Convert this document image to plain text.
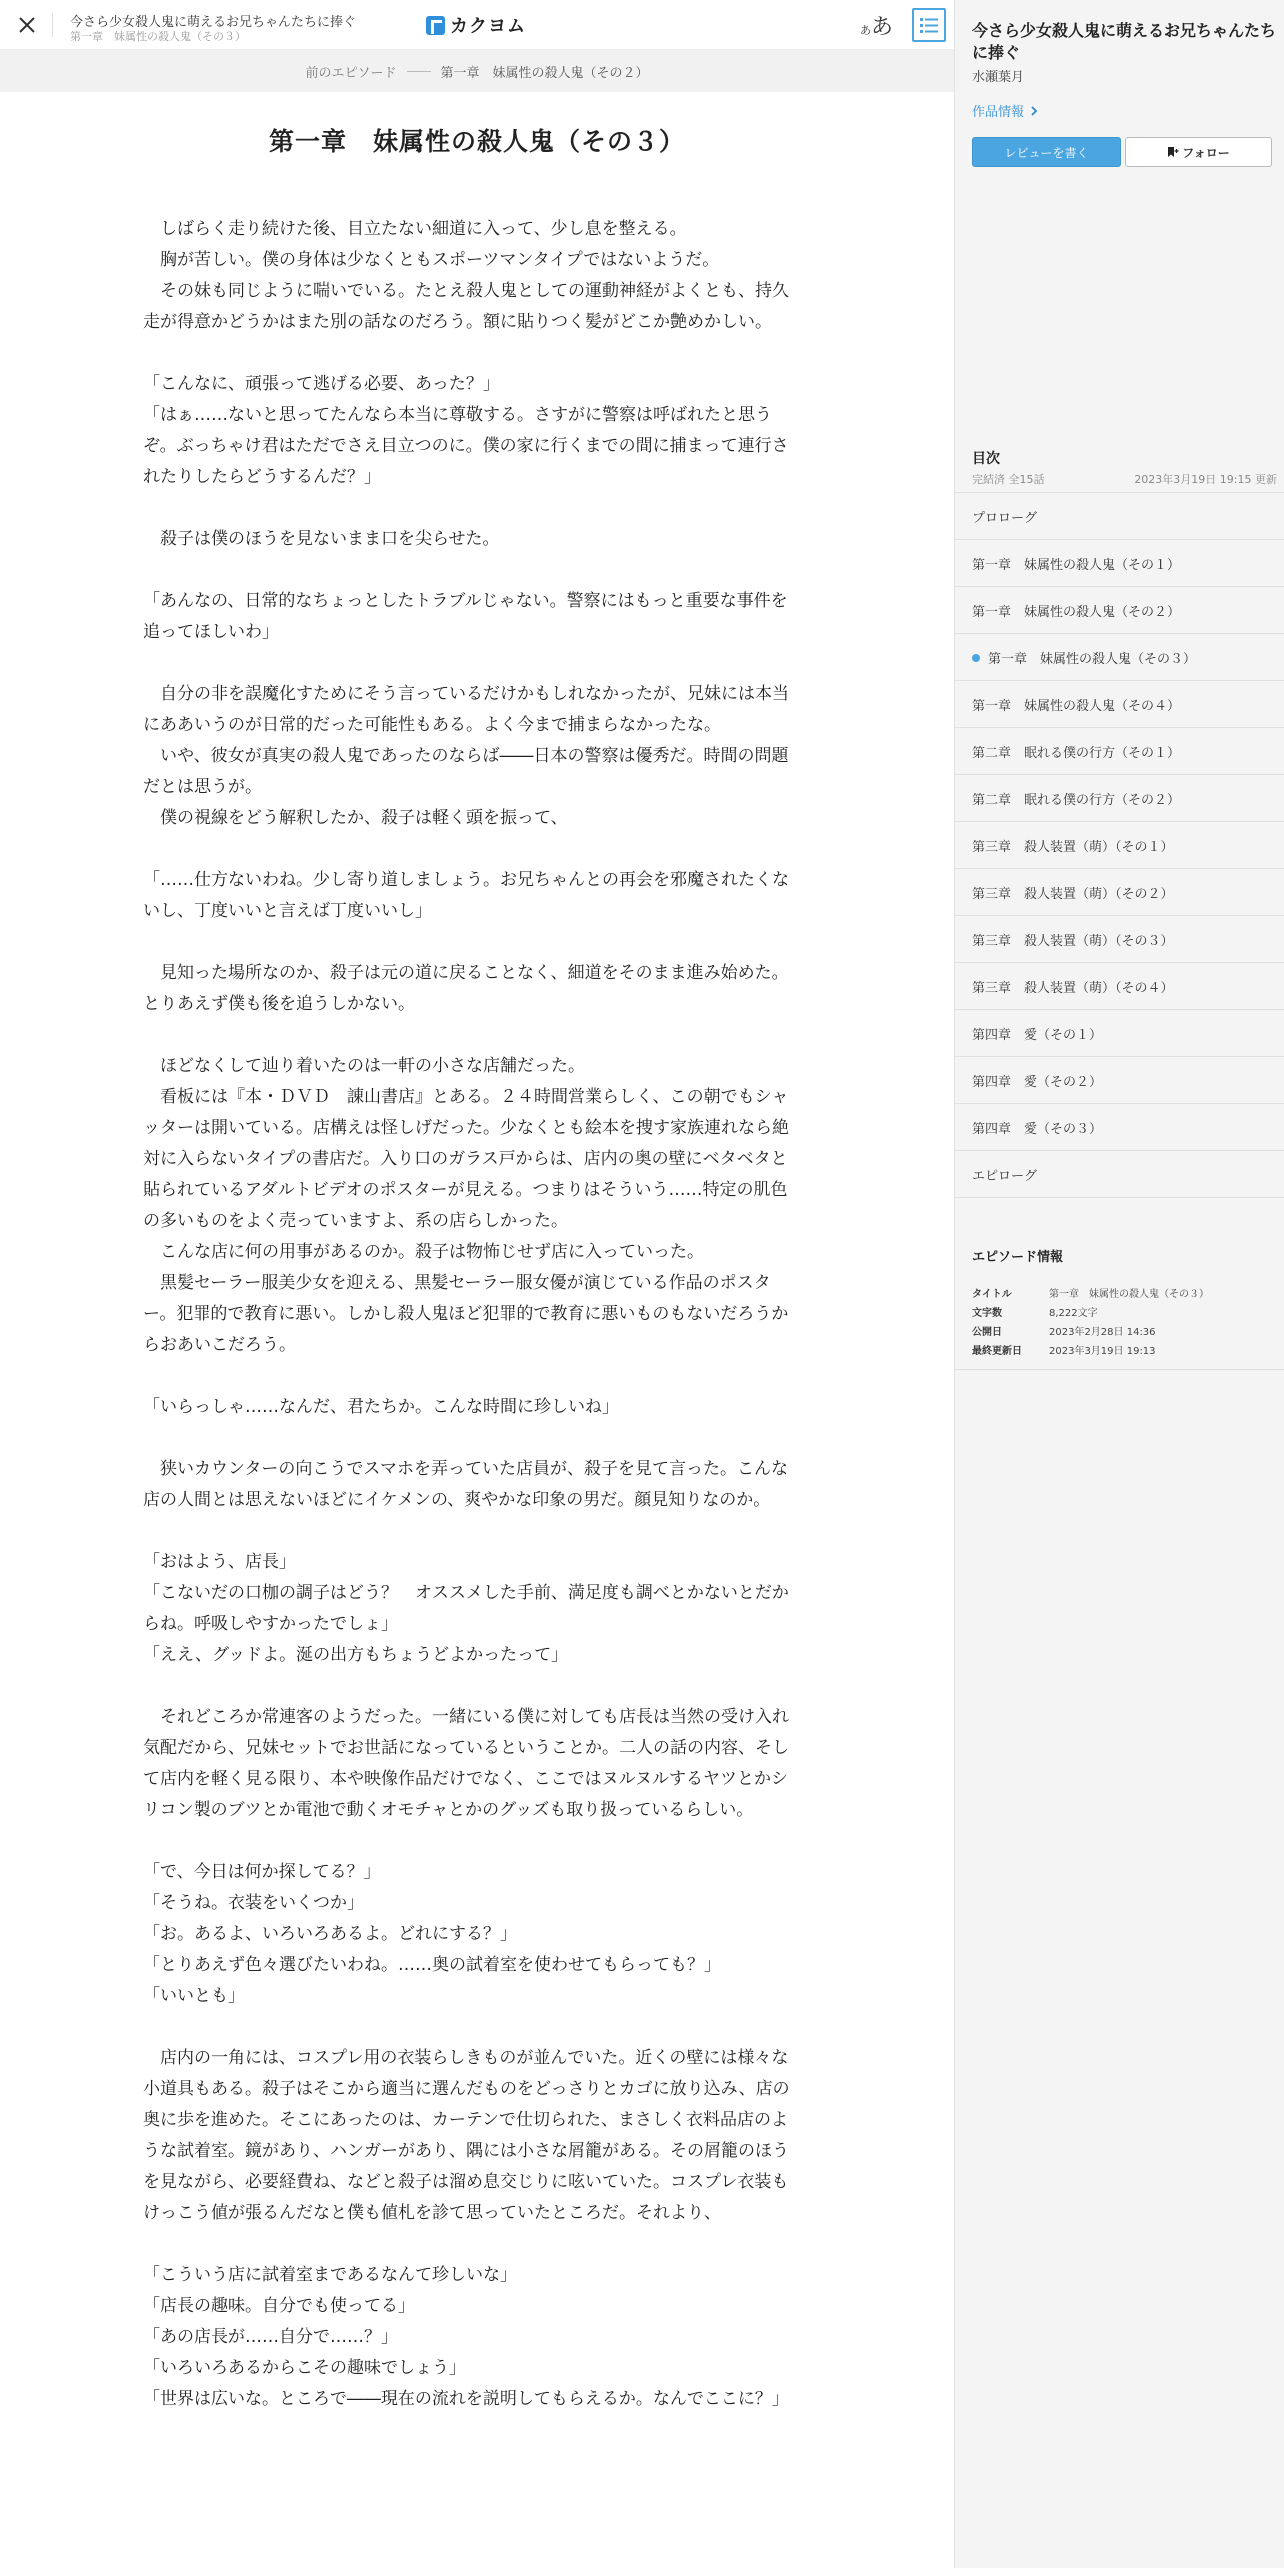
今さら少女殺人鬼に萌えるお兄ちゃんたちに捧ぐ
第一章　妹属性の殺人鬼（その３）	カクヨム	あ あ
前のエピソード	第一章　妹属性の殺人鬼（その２）
第一章　妹属性の殺人鬼（その３）

　しばらく走り続けた後、目立たない細道に入って、少し息を整える。

　胸が苦しい。僕の身体は少なくともスポーツマンタイプではないようだ。

　その妹も同じように喘いでいる。たとえ殺人鬼としての運動神経がよくとも、持久走が得意かどうかはまた別の話なのだろう。額に貼りつく髪がどこか艶めかしい。

「こんなに、頑張って逃げる必要、あった？」

「はぁ……ないと思ってたんなら本当に尊敬する。さすがに警察は呼ばれたと思うぞ。ぶっちゃけ君はただでさえ目立つのに。僕の家に行くまでの間に捕まって連行されたりしたらどうするんだ？」

　殺子は僕のほうを見ないまま口を尖らせた。

「あんなの、日常的なちょっとしたトラブルじゃない。警察にはもっと重要な事件を追ってほしいわ」

　自分の非を誤魔化すためにそう言っているだけかもしれなかったが、兄妹には本当にああいうのが日常的だった可能性もある。よく今まで捕まらなかったな。

　いや、彼女が真実の殺人鬼であったのならば――日本の警察は優秀だ。時間の問題だとは思うが。

　僕の視線をどう解釈したか、殺子は軽く頭を振って、

「……仕方ないわね。少し寄り道しましょう。お兄ちゃんとの再会を邪魔されたくないし、丁度いいと言えば丁度いいし」

　見知った場所なのか、殺子は元の道に戻ることなく、細道をそのまま進み始めた。とりあえず僕も後を追うしかない。

　ほどなくして辿り着いたのは一軒の小さな店舗だった。

　看板には『本・ＤＶＤ　諌山書店』とある。２４時間営業らしく、この朝でもシャッターは開いている。店構えは怪しげだった。少なくとも絵本を捜す家族連れなら絶対に入らないタイプの書店だ。入り口のガラス戸からは、店内の奥の壁にベタベタと貼られているアダルトビデオのポスターが見える。つまりはそういう……特定の肌色の多いものをよく売っていますよ、系の店らしかった。

　こんな店に何の用事があるのか。殺子は物怖じせず店に入っていった。

　黒髪セーラー服美少女を迎える、黒髪セーラー服女優が演じている作品のポスター。犯罪的で教育に悪い。しかし殺人鬼ほど犯罪的で教育に悪いものもないだろうからおあいこだろう。

「いらっしゃ……なんだ、君たちか。こんな時間に珍しいね」

　狭いカウンターの向こうでスマホを弄っていた店員が、殺子を見て言った。こんな店の人間とは思えないほどにイケメンの、爽やかな印象の男だ。顔見知りなのか。

「おはよう、店長」

「こないだの口枷の調子はどう？　オススメした手前、満足度も調べとかないとだからね。呼吸しやすかったでしょ」

「ええ、グッドよ。涎の出方もちょうどよかったって」

　それどころか常連客のようだった。一緒にいる僕に対しても店長は当然の受け入れ気配だから、兄妹セットでお世話になっているということか。二人の話の内容、そして店内を軽く見る限り、本や映像作品だけでなく、ここではヌルヌルするヤツとかシリコン製のブツとか電池で動くオモチャとかのグッズも取り扱っているらしい。

「で、今日は何か探してる？」

「そうね。衣装をいくつか」

「お。あるよ、いろいろあるよ。どれにする？」

「とりあえず色々選びたいわね。……奥の試着室を使わせてもらっても？」

「いいとも」

　店内の一角には、コスプレ用の衣装らしきものが並んでいた。近くの壁には様々な小道具もある。殺子はそこから適当に選んだものをどっさりとカゴに放り込み、店の奥に歩を進めた。そこにあったのは、カーテンで仕切られた、まさしく衣料品店のような試着室。鏡があり、ハンガーがあり、隅には小さな屑籠がある。その屑籠のほうを見ながら、必要経費ね、などと殺子は溜め息交じりに呟いていた。コスプレ衣装もけっこう値が張るんだなと僕も値札を診て思っていたところだ。それより、

「こういう店に試着室まであるなんて珍しいな」

「店長の趣味。自分でも使ってる」

「あの店長が……自分で……？」

「いろいろあるからこその趣味でしょう」

「世界は広いな。ところで――現在の流れを説明してもらえるか。なんでここに？」

今さら少女殺人鬼に萌えるお兄ちゃんたちに捧ぐ
水瀬葉月
作品情報
レビューを書く	フォロー
目次
完結済 全15話	2023年3月19日 19:15 更新
プロローグ
第一章　妹属性の殺人鬼（その１）
第一章　妹属性の殺人鬼（その２）
第一章　妹属性の殺人鬼（その３）
第一章　妹属性の殺人鬼（その４）
第二章　眠れる僕の行方（その１）
第二章　眠れる僕の行方（その２）
第三章　殺人装置（萌）（その１）
第三章　殺人装置（萌）（その２）
第三章　殺人装置（萌）（その３）
第三章　殺人装置（萌）（その４）
第四章　愛（その１）
第四章　愛（その２）
第四章　愛（その３）
エピローグ
エピソード情報
タイトル	第一章　妹属性の殺人鬼（その３）
文字数	8,222文字
公開日	2023年2月28日 14:36
最終更新日	2023年3月19日 19:13
